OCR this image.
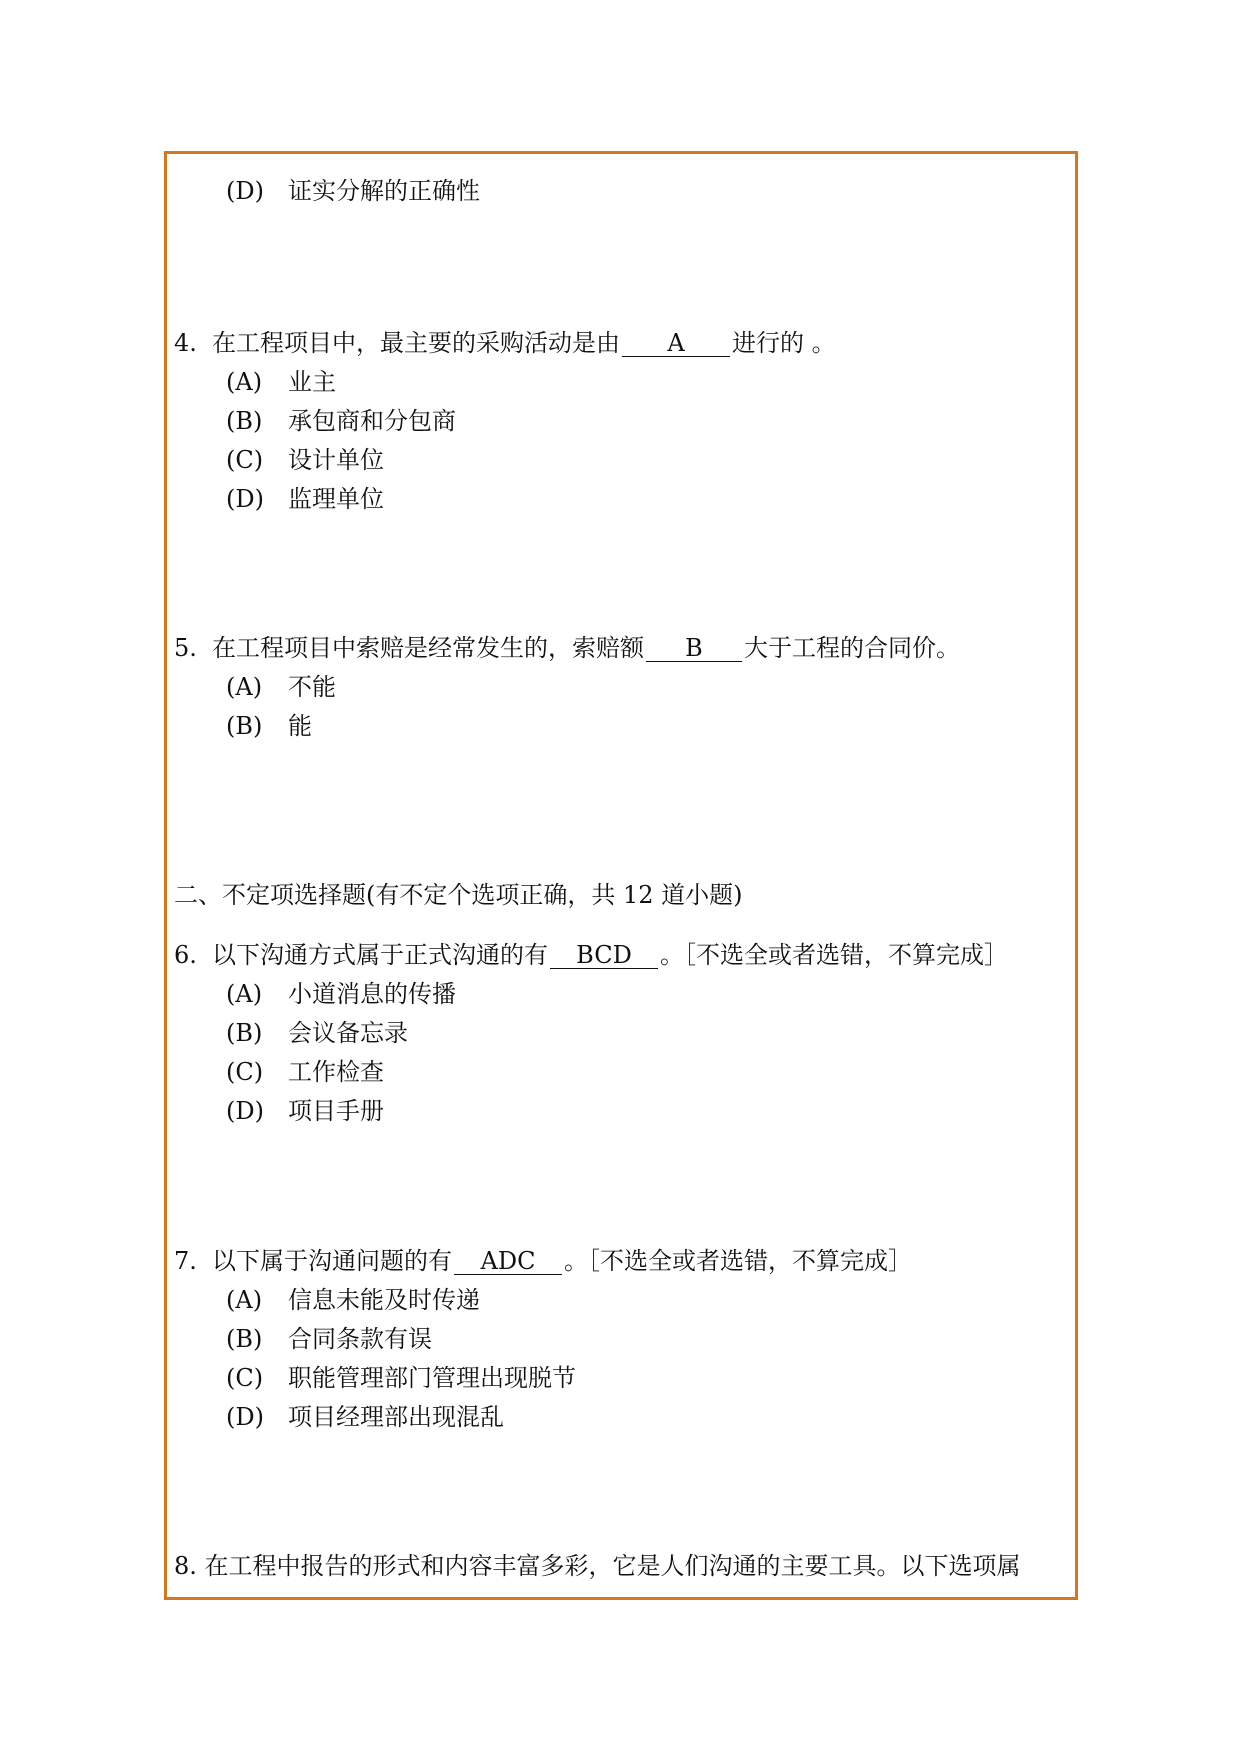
(D) 证实分解的正确性
4. 在工程项目中，最主要的采购活动是由 A 进行的 。
(A) 业主
(B) 承包商和分包商
(C) 设计单位
(D) 监理单位
5. 在工程项目中索赔是经常发生的，索赔额 B 大于工程的合同价。
(A) 不能
(B) 能
二、不定项选择题(有不定个选项正确，共 12 道小题)
6. 以下沟通方式属于正式沟通的有 BCD 。［不选全或者选错，不算完成］
(A) 小道消息的传播
(B) 会议备忘录
(C) 工作检查
(D) 项目手册
7. 以下属于沟通问题的有 ADC 。［不选全或者选错，不算完成］
(A) 信息未能及时传递
(B) 合同条款有误
(C) 职能管理部门管理出现脱节
(D) 项目经理部出现混乱
8. 在工程中报告的形式和内容丰富多彩，它是人们沟通的主要工具。以下选项属
